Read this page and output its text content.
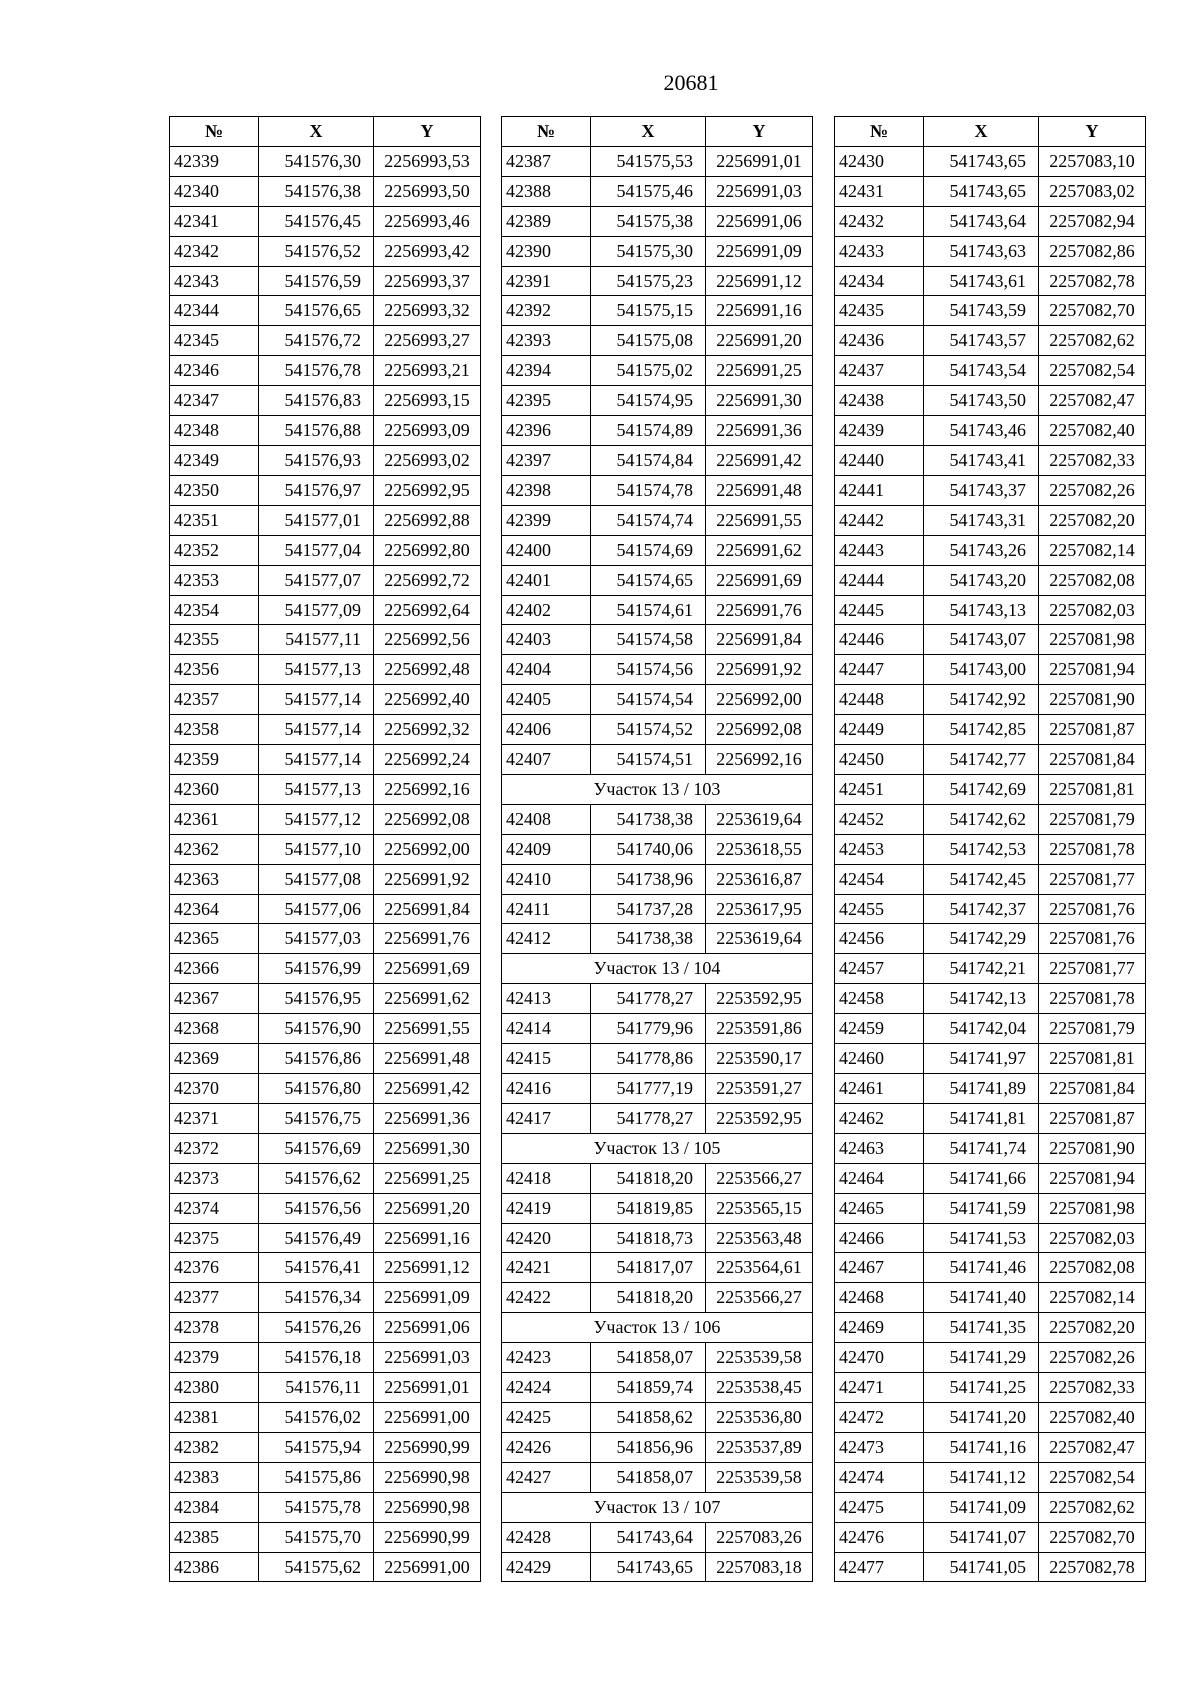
20681
№	X	Y
42339	541576,30	2256993,53
42340	541576,38	2256993,50
42341	541576,45	2256993,46
42342	541576,52	2256993,42
42343	541576,59	2256993,37
42344	541576,65	2256993,32
42345	541576,72	2256993,27
42346	541576,78	2256993,21
42347	541576,83	2256993,15
42348	541576,88	2256993,09
42349	541576,93	2256993,02
42350	541576,97	2256992,95
42351	541577,01	2256992,88
42352	541577,04	2256992,80
42353	541577,07	2256992,72
42354	541577,09	2256992,64
42355	541577,11	2256992,56
42356	541577,13	2256992,48
42357	541577,14	2256992,40
42358	541577,14	2256992,32
42359	541577,14	2256992,24
42360	541577,13	2256992,16
42361	541577,12	2256992,08
42362	541577,10	2256992,00
42363	541577,08	2256991,92
42364	541577,06	2256991,84
42365	541577,03	2256991,76
42366	541576,99	2256991,69
42367	541576,95	2256991,62
42368	541576,90	2256991,55
42369	541576,86	2256991,48
42370	541576,80	2256991,42
42371	541576,75	2256991,36
42372	541576,69	2256991,30
42373	541576,62	2256991,25
42374	541576,56	2256991,20
42375	541576,49	2256991,16
42376	541576,41	2256991,12
42377	541576,34	2256991,09
42378	541576,26	2256991,06
42379	541576,18	2256991,03
42380	541576,11	2256991,01
42381	541576,02	2256991,00
42382	541575,94	2256990,99
42383	541575,86	2256990,98
42384	541575,78	2256990,98
42385	541575,70	2256990,99
42386	541575,62	2256991,00
№	X	Y
42387	541575,53	2256991,01
42388	541575,46	2256991,03
42389	541575,38	2256991,06
42390	541575,30	2256991,09
42391	541575,23	2256991,12
42392	541575,15	2256991,16
42393	541575,08	2256991,20
42394	541575,02	2256991,25
42395	541574,95	2256991,30
42396	541574,89	2256991,36
42397	541574,84	2256991,42
42398	541574,78	2256991,48
42399	541574,74	2256991,55
42400	541574,69	2256991,62
42401	541574,65	2256991,69
42402	541574,61	2256991,76
42403	541574,58	2256991,84
42404	541574,56	2256991,92
42405	541574,54	2256992,00
42406	541574,52	2256992,08
42407	541574,51	2256992,16
Участок 13 / 103		
42408	541738,38	2253619,64
42409	541740,06	2253618,55
42410	541738,96	2253616,87
42411	541737,28	2253617,95
42412	541738,38	2253619,64
Участок 13 / 104		
42413	541778,27	2253592,95
42414	541779,96	2253591,86
42415	541778,86	2253590,17
42416	541777,19	2253591,27
42417	541778,27	2253592,95
Участок 13 / 105		
42418	541818,20	2253566,27
42419	541819,85	2253565,15
42420	541818,73	2253563,48
42421	541817,07	2253564,61
42422	541818,20	2253566,27
Участок 13 / 106		
42423	541858,07	2253539,58
42424	541859,74	2253538,45
42425	541858,62	2253536,80
42426	541856,96	2253537,89
42427	541858,07	2253539,58
Участок 13 / 107		
42428	541743,64	2257083,26
42429	541743,65	2257083,18
№	X	Y
42430	541743,65	2257083,10
42431	541743,65	2257083,02
42432	541743,64	2257082,94
42433	541743,63	2257082,86
42434	541743,61	2257082,78
42435	541743,59	2257082,70
42436	541743,57	2257082,62
42437	541743,54	2257082,54
42438	541743,50	2257082,47
42439	541743,46	2257082,40
42440	541743,41	2257082,33
42441	541743,37	2257082,26
42442	541743,31	2257082,20
42443	541743,26	2257082,14
42444	541743,20	2257082,08
42445	541743,13	2257082,03
42446	541743,07	2257081,98
42447	541743,00	2257081,94
42448	541742,92	2257081,90
42449	541742,85	2257081,87
42450	541742,77	2257081,84
42451	541742,69	2257081,81
42452	541742,62	2257081,79
42453	541742,53	2257081,78
42454	541742,45	2257081,77
42455	541742,37	2257081,76
42456	541742,29	2257081,76
42457	541742,21	2257081,77
42458	541742,13	2257081,78
42459	541742,04	2257081,79
42460	541741,97	2257081,81
42461	541741,89	2257081,84
42462	541741,81	2257081,87
42463	541741,74	2257081,90
42464	541741,66	2257081,94
42465	541741,59	2257081,98
42466	541741,53	2257082,03
42467	541741,46	2257082,08
42468	541741,40	2257082,14
42469	541741,35	2257082,20
42470	541741,29	2257082,26
42471	541741,25	2257082,33
42472	541741,20	2257082,40
42473	541741,16	2257082,47
42474	541741,12	2257082,54
42475	541741,09	2257082,62
42476	541741,07	2257082,70
42477	541741,05	2257082,78
